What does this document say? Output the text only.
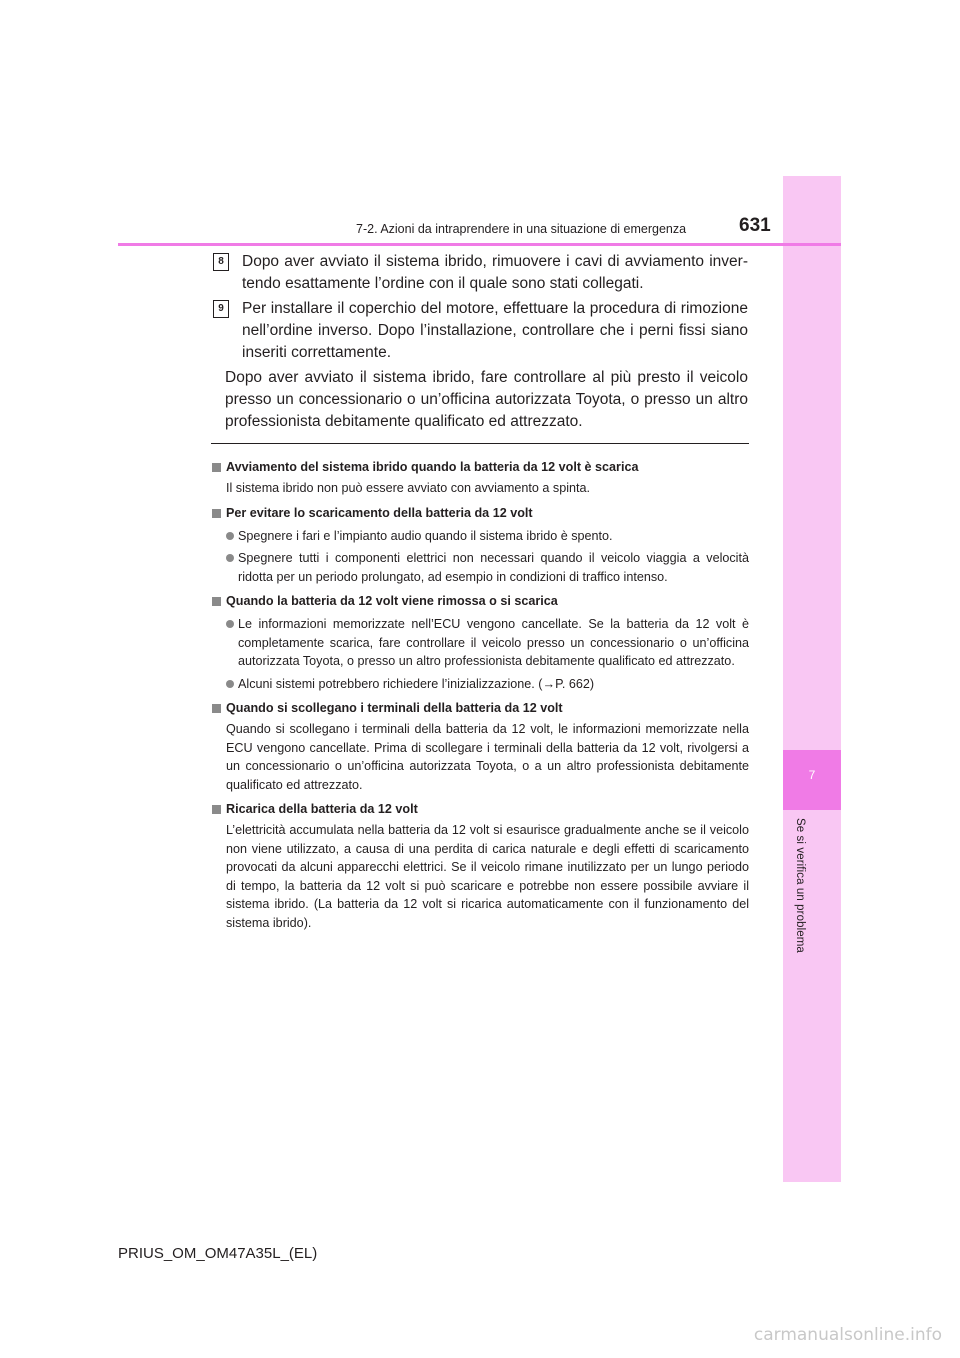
7
Se si verifica un problema
7-2. Azioni da intraprendere in una situazione di emergenza	631
8	Dopo aver avviato il sistema ibrido, rimuovere i cavi di avviamento invertendo esattamente l’ordine con il quale sono stati collegati.
9	Per installare il coperchio del motore, effettuare la procedura di rimozione nell’ordine inverso. Dopo l’installazione, controllare che i perni fissi siano inseriti correttamente.
Dopo aver avviato il sistema ibrido, fare controllare al più presto il veicolo presso un concessionario o un’officina autorizzata Toyota, o presso un altro professionista debitamente qualificato ed attrezzato.
Avviamento del sistema ibrido quando la batteria da 12 volt è scarica
Il sistema ibrido non può essere avviato con avviamento a spinta.
Per evitare lo scaricamento della batteria da 12 volt
Spegnere i fari e l’impianto audio quando il sistema ibrido è spento.
Spegnere tutti i componenti elettrici non necessari quando il veicolo viaggia a velocità ridotta per un periodo prolungato, ad esempio in condizioni di traffico intenso.
Quando la batteria da 12 volt viene rimossa o si scarica
Le informazioni memorizzate nell’ECU vengono cancellate. Se la batteria da 12 volt è completamente scarica, fare controllare il veicolo presso un concessionario o un’officina autorizzata Toyota, o presso un altro professionista debitamente qualificato ed attrezzato.
Alcuni sistemi potrebbero richiedere l’inizializzazione. (→P. 662)
Quando si scollegano i terminali della batteria da 12 volt
Quando si scollegano i terminali della batteria da 12 volt, le informazioni memorizzate nella ECU vengono cancellate. Prima di scollegare i terminali della batteria da 12 volt, rivolgersi a un concessionario o un’officina autorizzata Toyota, o a un altro professionista debitamente qualificato ed attrezzato.
Ricarica della batteria da 12 volt
L’elettricità accumulata nella batteria da 12 volt si esaurisce gradualmente anche se il veicolo non viene utilizzato, a causa di una perdita di carica naturale e degli effetti di scaricamento provocati da alcuni apparecchi elettrici. Se il veicolo rimane inutilizzato per un lungo periodo di tempo, la batteria da 12 volt si può scaricare e potrebbe non essere possibile avviare il sistema ibrido. (La batteria da 12 volt si ricarica automaticamente con il funzionamento del sistema ibrido).
PRIUS_OM_OM47A35L_(EL)
carmanualsonline.info
